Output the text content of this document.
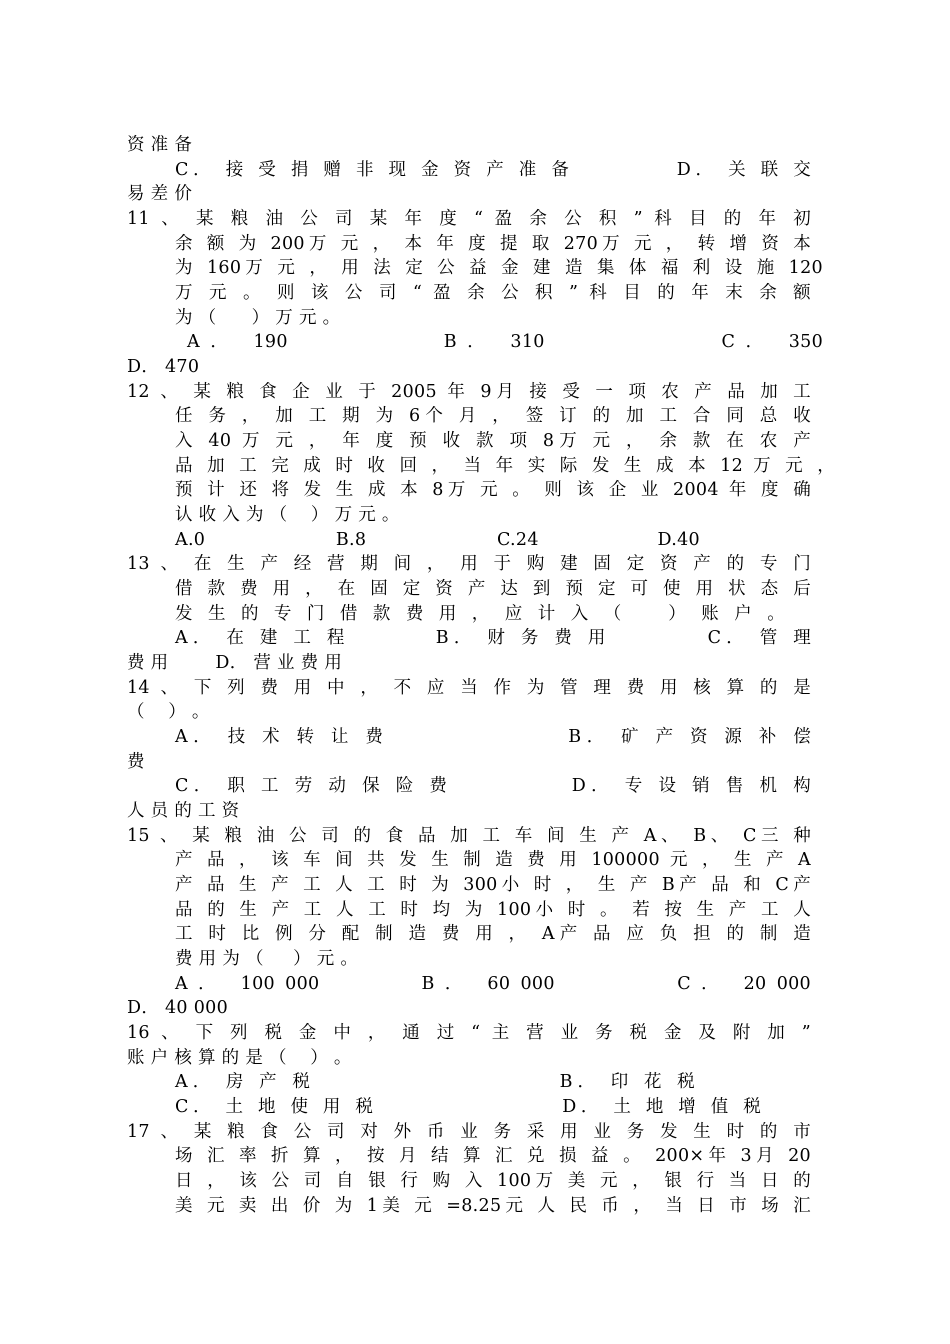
资 准 备
C． 接 受 捐 赠 非 现 金 资 产 准 备          D． 关 联 交
易 差 价
11 、 某 粮 油 公 司 某 年 度 “ 盈 余 公 积 ” 科 目 的 年 初
余 额 为 200万 元 ， 本 年 度 提 取 270万 元 ， 转 增 资 本
为 160万 元 ， 用 法 定 公 益 金 建 造 集 体 福 利 设 施 120
万 元 。 则 该 公 司 “ 盈 余 公 积 ” 科 目 的 年 末 余 额
为 （      ） 万 元 。
A ．  190               B ．  310                 C ．  350
D． 470
12 、 某 粮 食 企 业 于 2005 年 9月 接 受 一 项 农 产 品 加 工
任 务 ， 加 工 期 为 6个 月 ， 签 订 的 加 工 合 同 总 收
入 40 万 元 ， 年 度 预 收 款 项 8万 元 ， 余 款 在 农 产
品 加 工 完 成 时 收 回 ， 当 年 实 际 发 生 成 本 12 万 元 ，
预 计 还 将 发 生 成 本 8万 元 。 则 该 企 业 2004 年 度 确
认 收 入 为 （    ） 万 元 。
A.0           B.8           C.24          D.40
13 、 在 生 产 经 营 期 间 ， 用 于 购 建 固 定 资 产 的 专 门
借 款 费 用 ， 在 固 定 资 产 达 到 预 定 可 使 用 状 态 后
发 生 的 专 门 借 款 费 用 ， 应 计 入 （    ） 账 户 。
A． 在 建 工 程        B． 财 务 费 用         C． 管 理
费 用        D． 营 业 费 用
14 、 下 列 费 用 中 ， 不 应 当 作 为 管 理 费 用 核 算 的 是
（    ） 。
A． 技 术 转 让 费                B． 矿 产 资 源 补 偿
费
C． 职 工 劳 动 保 险 费           D． 专 设 销 售 机 构
人 员 的 工 资
15 、 某 粮 油 公 司 的 食 品 加 工 车 间 生 产 A、 B、 C三 种
产 品 ， 该 车 间 共 发 生 制 造 费 用 100000 元 ， 生 产 A
产 品 生 产 工 人 工 时 为 300小 时 ， 生 产 B产 品 和 C产
品 的 生 产 工 人 工 时 均 为 100小 时 。 若 按 生 产 工 人
工 时 比 例 分 配 制 造 费 用 ， A产 品 应 负 担 的 制 造
费 用 为 （     ） 元 。
A ．  100 000          B ．  60 000            C ．  20 000
D． 40 000
16 、 下 列 税 金 中 ， 通 过 “ 主 营 业 务 税 金 及 附 加 ”
账 户 核 算 的 是 （    ） 。
A． 房 产 税                       B． 印 花 税
C． 土 地 使 用 税                  D． 土 地 增 值 税
17 、 某 粮 食 公 司 对 外 币 业 务 采 用 业 务 发 生 时 的 市
场 汇 率 折 算 ， 按 月 结 算 汇 兑 损 益 。 200×年 3月 20
日 ， 该 公 司 自 银 行 购 入 100万 美 元 ， 银 行 当 日 的
美 元 卖 出 价 为 1美 元 =8.25元 人 民 币 ， 当 日 市 场 汇
